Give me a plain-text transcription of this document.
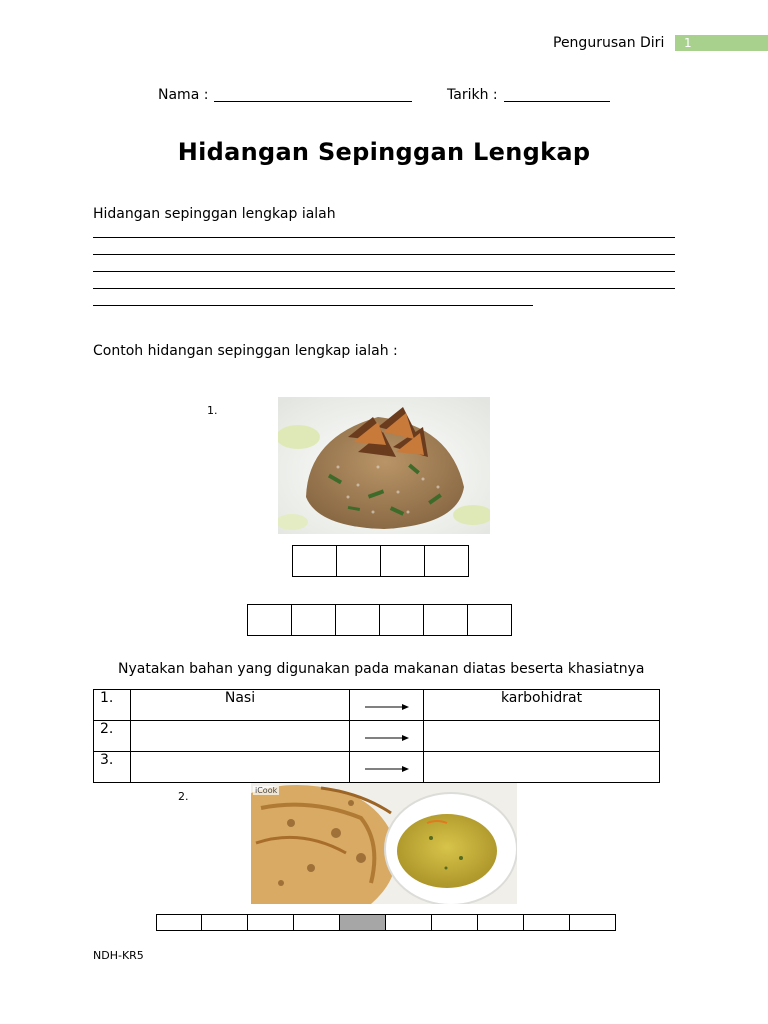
Pengurusan Diri	1
Nama :	Tarikh :
Hidangan Sepinggan Lengkap
Hidangan sepinggan lengkap ialah
Contoh hidangan sepinggan lengkap ialah :
1.
Nyatakan bahan yang digunakan pada makanan diatas beserta khasiatnya
1.	Nasi		karbohidrat
2.		

3.		

2.	iCook
NDH-KR5
